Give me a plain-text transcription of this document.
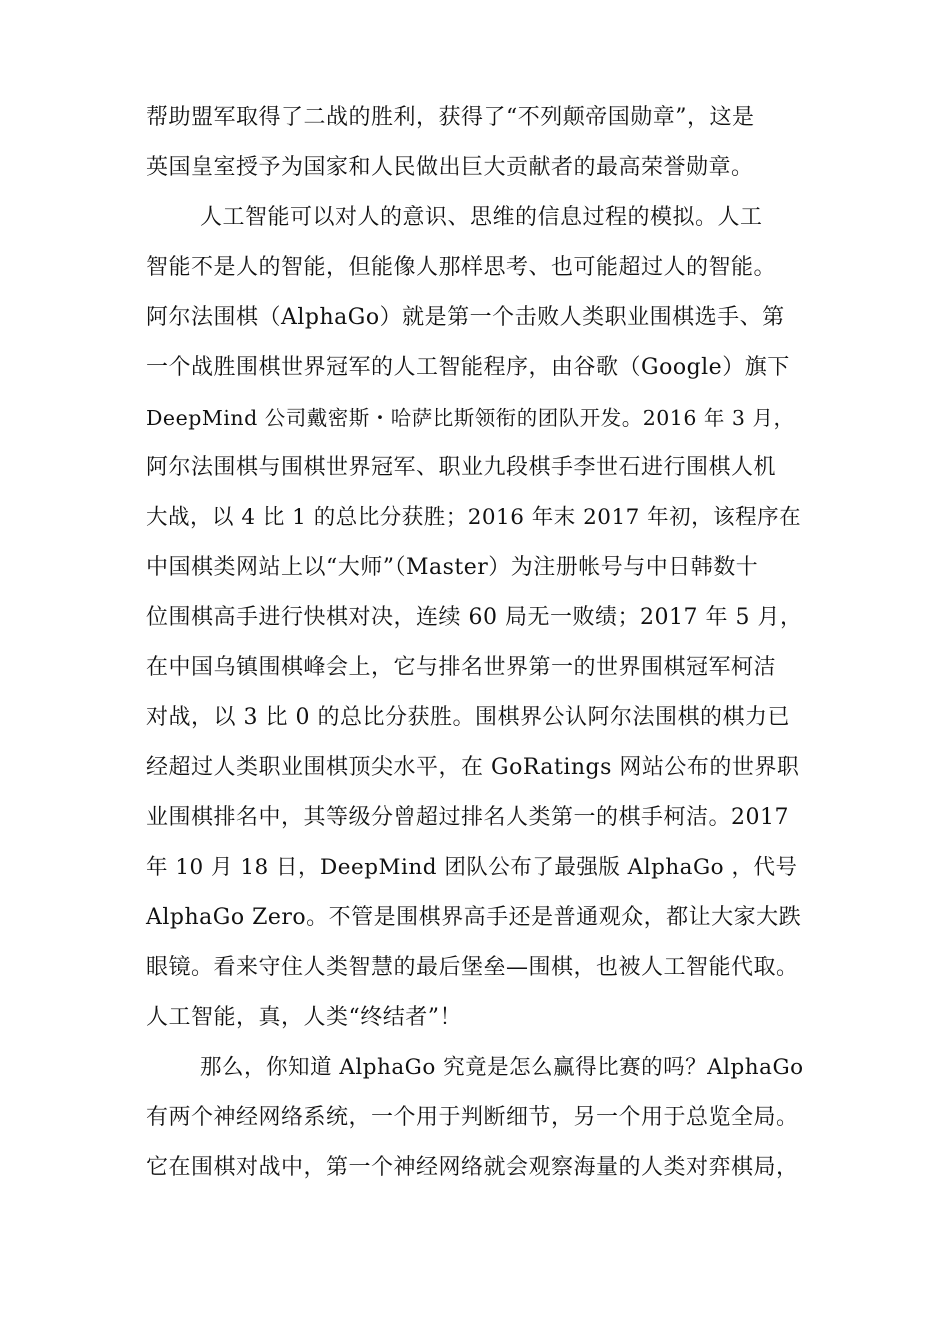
帮助盟军取得了二战的胜利，获得了“不列颠帝国勋章”，这是
英国皇室授予为国家和人民做出巨大贡献者的最高荣誉勋章。
人工智能可以对人的意识、思维的信息过程的模拟。人工
智能不是人的智能，但能像人那样思考、也可能超过人的智能。
阿尔法围棋（AlphaGo）就是第一个击败人类职业围棋选手、第
一个战胜围棋世界冠军的人工智能程序，由谷歌（Google）旗下
DeepMind 公司戴密斯・哈萨比斯领衔的团队开发。2016 年 3 月，
阿尔法围棋与围棋世界冠军、职业九段棋手李世石进行围棋人机
大战，以 4 比 1 的总比分获胜；2016 年末 2017 年初，该程序在
中国棋类网站上以“大师”（Master）为注册帐号与中日韩数十
位围棋高手进行快棋对决，连续 60 局无一败绩；2017 年 5 月，
在中国乌镇围棋峰会上，它与排名世界第一的世界围棋冠军柯洁
对战，以 3 比 0 的总比分获胜。围棋界公认阿尔法围棋的棋力已
经超过人类职业围棋顶尖水平，在 GoRatings 网站公布的世界职
业围棋排名中，其等级分曾超过排名人类第一的棋手柯洁。2017
年 10 月 18 日，DeepMind 团队公布了最强版 AlphaGo ，代号
AlphaGo Zero。不管是围棋界高手还是普通观众，都让大家大跌
眼镜。看来守住人类智慧的最后堡垒—围棋，也被人工智能代取。
人工智能，真，人类“终结者”！
那么，你知道 AlphaGo 究竟是怎么赢得比赛的吗？AlphaGo
有两个神经网络系统，一个用于判断细节，另一个用于总览全局。
它在围棋对战中，第一个神经网络就会观察海量的人类对弈棋局，
